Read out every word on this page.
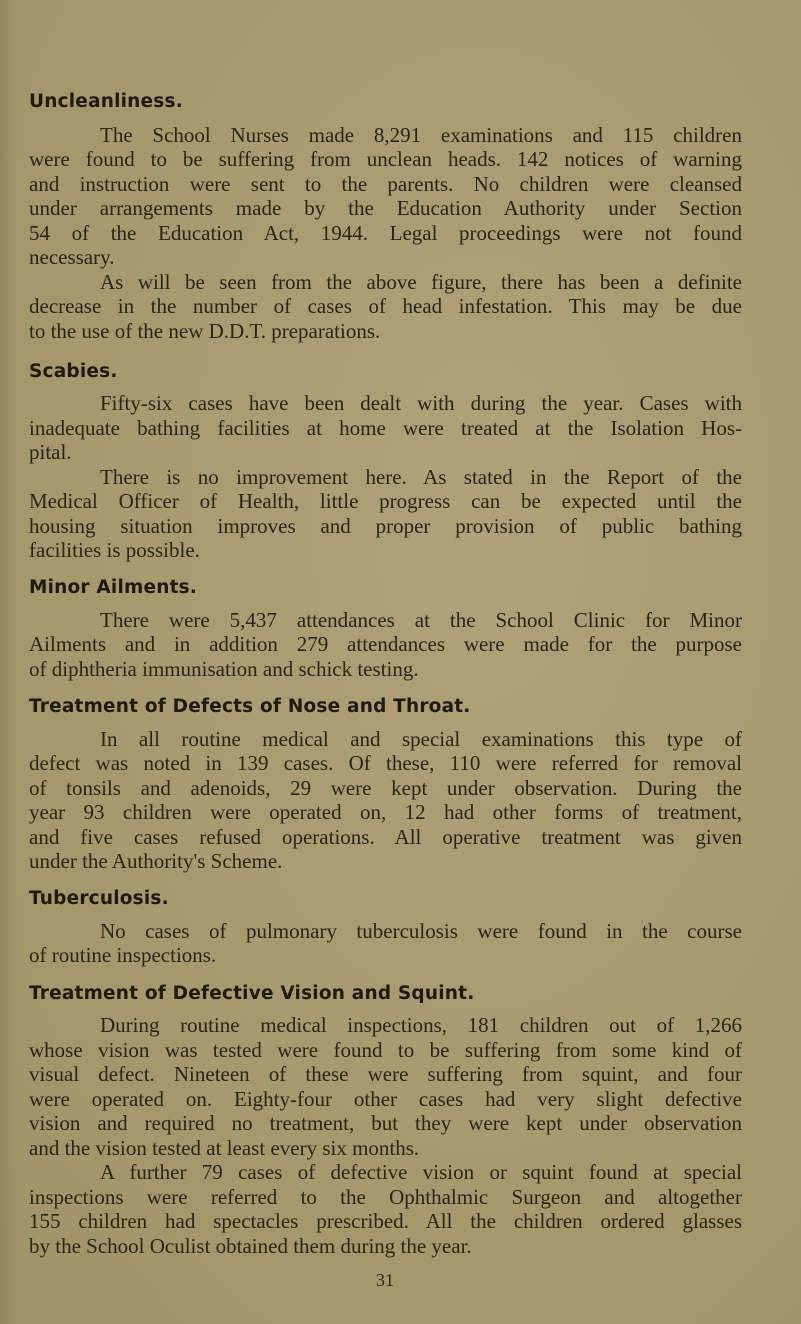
Uncleanliness.
The School Nurses made 8,291 examinations and 115 children
were found to be suffering from unclean heads. 142 notices of warning
and instruction were sent to the parents. No children were cleansed
under arrangements made by the Education Authority under Section
54 of the Education Act, 1944. Legal proceedings were not found
necessary.
As will be seen from the above figure, there has been a definite
decrease in the number of cases of head infestation. This may be due
to the use of the new D.D.T. preparations.
Scabies.
Fifty-six cases have been dealt with during the year. Cases with
inadequate bathing facilities at home were treated at the Isolation Hos-
pital.
There is no improvement here. As stated in the Report of the
Medical Officer of Health, little progress can be expected until the
housing situation improves and proper provision of public bathing
facilities is possible.
Minor Ailments.
There were 5,437 attendances at the School Clinic for Minor
Ailments and in addition 279 attendances were made for the purpose
of diphtheria immunisation and schick testing.
Treatment of Defects of Nose and Throat.
In all routine medical and special examinations this type of
defect was noted in 139 cases. Of these, 110 were referred for removal
of tonsils and adenoids, 29 were kept under observation. During the
year 93 children were operated on, 12 had other forms of treatment,
and five cases refused operations. All operative treatment was given
under the Authority's Scheme.
Tuberculosis.
No cases of pulmonary tuberculosis were found in the course
of routine inspections.
Treatment of Defective Vision and Squint.
During routine medical inspections, 181 children out of 1,266
whose vision was tested were found to be suffering from some kind of
visual defect. Nineteen of these were suffering from squint, and four
were operated on. Eighty-four other cases had very slight defective
vision and required no treatment, but they were kept under observation
and the vision tested at least every six months.
A further 79 cases of defective vision or squint found at special
inspections were referred to the Ophthalmic Surgeon and altogether
155 children had spectacles prescribed. All the children ordered glasses
by the School Oculist obtained them during the year.
31
